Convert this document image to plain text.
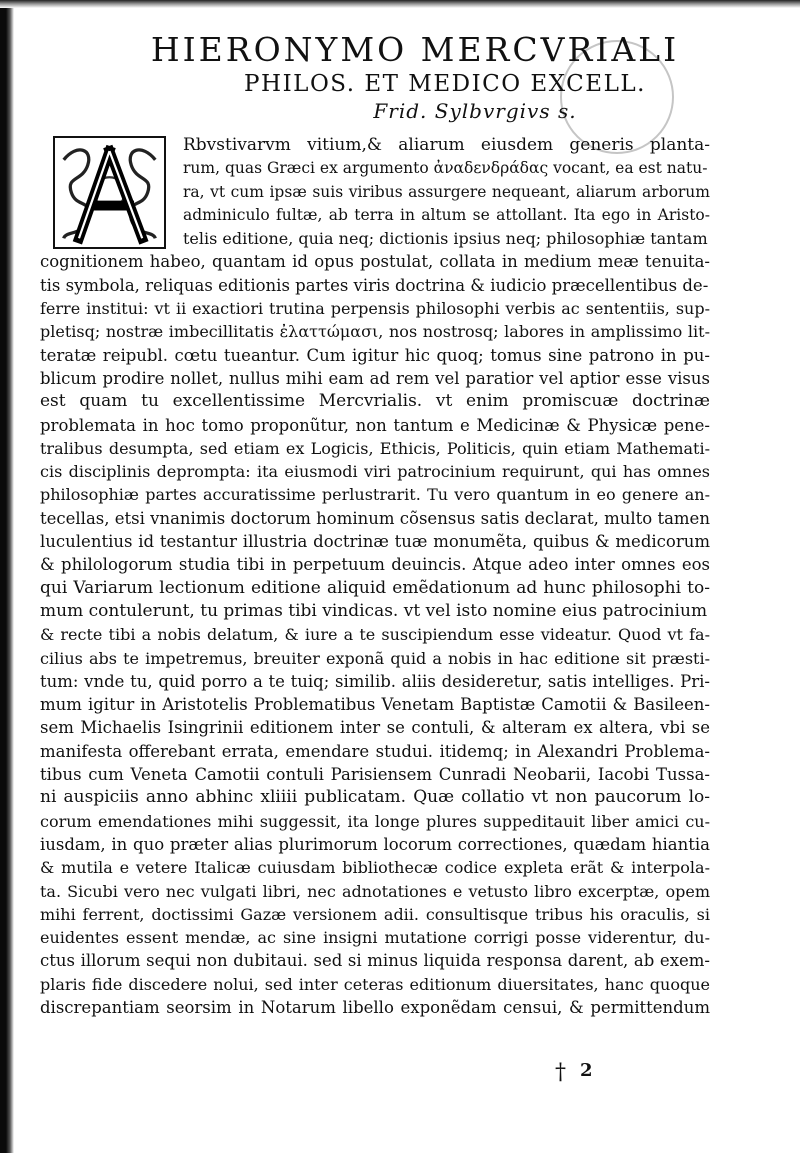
HIERONYMO MERCVRIALI
PHILOS. ET MEDICO EXCELL.
Frid. Sylbvrgivs s.
Rbvstivarvm vitium,& aliarum eiusdem generis planta-
rum, quas Græci ex argumento ἀναδενδράδας vocant, ea est natu-
ra, vt cum ipsæ suis viribus assurgere nequeant, aliarum arborum
adminiculo fultæ, ab terra in altum se attollant. Ita ego in Aristo-
telis editione, quia neq; dictionis ipsius neq; philosophiæ tantam
cognitionem habeo, quantam id opus postulat, collata in medium meæ tenuita-
tis symbola, reliquas editionis partes viris doctrina & iudicio præcellentibus de-
ferre institui: vt ii exactiori trutina perpensis philosophi verbis ac sententiis, sup-
pletisq; nostræ imbecillitatis ἐλαττώμασι, nos nostrosq; labores in amplissimo lit-
teratæ reipubl. cœtu tueantur. Cum igitur hic quoq; tomus sine patrono in pu-
blicum prodire nollet, nullus mihi eam ad rem vel paratior vel aptior esse visus
est quam tu excellentissime Mercvrialis. vt enim promiscuæ doctrinæ
problemata in hoc tomo proponũtur, non tantum e Medicinæ & Physicæ pene-
tralibus desumpta, sed etiam ex Logicis, Ethicis, Politicis, quin etiam Mathemati-
cis disciplinis deprompta: ita eiusmodi viri patrocinium requirunt, qui has omnes
philosophiæ partes accuratissime perlustrarit. Tu vero quantum in eo genere an-
tecellas, etsi vnanimis doctorum hominum cõsensus satis declarat, multo tamen
luculentius id testantur illustria doctrinæ tuæ monumẽta, quibus & medicorum
& philologorum studia tibi in perpetuum deuincis. Atque adeo inter omnes eos
qui Variarum lectionum editione aliquid emẽdationum ad hunc philosophi to-
mum contulerunt, tu primas tibi vindicas. vt vel isto nomine eius patrocinium
& recte tibi a nobis delatum, & iure a te suscipiendum esse videatur. Quod vt fa-
cilius abs te impetremus, breuiter exponã quid a nobis in hac editione sit præsti-
tum: vnde tu, quid porro a te tuiq; similib. aliis desideretur, satis intelliges. Pri-
mum igitur in Aristotelis Problematibus Venetam Baptistæ Camotii & Basileen-
sem Michaelis Isingrinii editionem inter se contuli, & alteram ex altera, vbi se
manifesta offerebant errata, emendare studui. itidemq; in Alexandri Problema-
tibus cum Veneta Camotii contuli Parisiensem Cunradi Neobarii, Iacobi Tussa-
ni auspiciis anno abhinc xliiii publicatam. Quæ collatio vt non paucorum lo-
corum emendationes mihi suggessit, ita longe plures suppeditauit liber amici cu-
iusdam, in quo præter alias plurimorum locorum correctiones, quædam hiantia
& mutila e vetere Italicæ cuiusdam bibliothecæ codice expleta erãt & interpola-
ta. Sicubi vero nec vulgati libri, nec adnotationes e vetusto libro excerptæ, opem
mihi ferrent, doctissimi Gazæ versionem adii. consultisque tribus his oraculis, si
euidentes essent mendæ, ac sine insigni mutatione corrigi posse viderentur, du-
ctus illorum sequi non dubitaui. sed si minus liquida responsa darent, ab exem-
plaris fide discedere nolui, sed inter ceteras editionum diuersitates, hanc quoque
discrepantiam seorsim in Notarum libello exponẽdam censui, & permittendum
† 2
